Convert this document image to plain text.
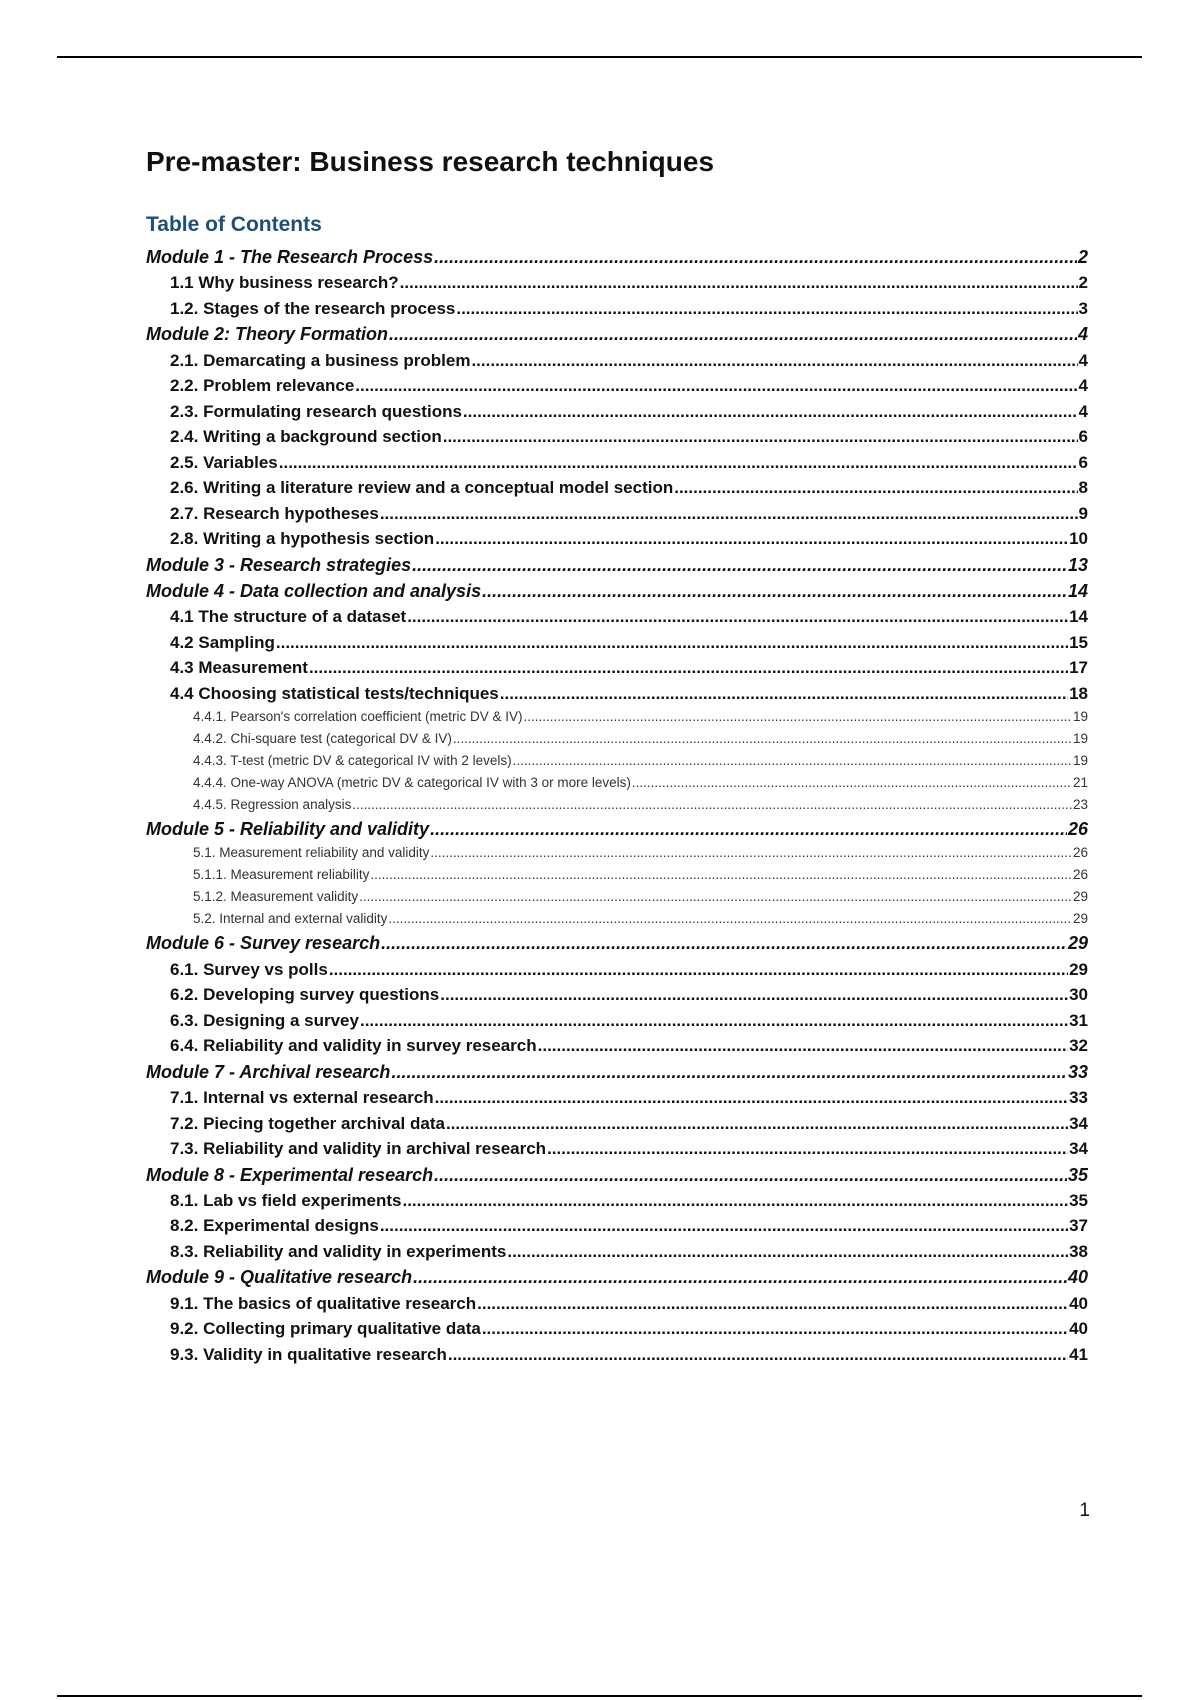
Pre-master: Business research techniques
Table of Contents
Module 1 - The Research Process .....	2
1.1 Why business research? .....	2
1.2. Stages of the research process .....	3
Module 2: Theory Formation .....	4
2.1. Demarcating a business problem .....	4
2.2. Problem relevance .....	4
2.3. Formulating research questions .....	4
2.4. Writing a background section .....	6
2.5. Variables .....	6
2.6. Writing a literature review and a conceptual model section .....	8
2.7. Research hypotheses .....	9
2.8. Writing a hypothesis section .....	10
Module 3 - Research strategies .....	13
Module 4 - Data collection and analysis .....	14
4.1 The structure of a dataset .....	14
4.2 Sampling .....	15
4.3 Measurement .....	17
4.4 Choosing statistical tests/techniques .....	18
4.4.1. Pearson's correlation coefficient (metric DV & IV) .....	19
4.4.2. Chi-square test (categorical DV & IV) .....	19
4.4.3. T-test (metric DV & categorical IV with 2 levels) .....	19
4.4.4. One-way ANOVA (metric DV & categorical IV with 3 or more levels) .....	21
4.4.5. Regression analysis .....	23
Module 5 - Reliability and validity .....	26
5.1. Measurement reliability and validity .....	26
5.1.1. Measurement reliability .....	26
5.1.2. Measurement validity .....	29
5.2. Internal and external validity .....	29
Module 6 - Survey research .....	29
6.1. Survey vs polls .....	29
6.2. Developing survey questions .....	30
6.3. Designing a survey .....	31
6.4. Reliability and validity in survey research .....	32
Module 7 - Archival research .....	33
7.1. Internal vs external research .....	33
7.2. Piecing together archival data .....	34
7.3. Reliability and validity in archival research .....	34
Module 8 - Experimental research .....	35
8.1. Lab vs field experiments .....	35
8.2. Experimental designs .....	37
8.3. Reliability and validity in experiments .....	38
Module 9 - Qualitative research .....	40
9.1. The basics of qualitative research .....	40
9.2. Collecting primary qualitative data .....	40
9.3. Validity in qualitative research .....	41
1
